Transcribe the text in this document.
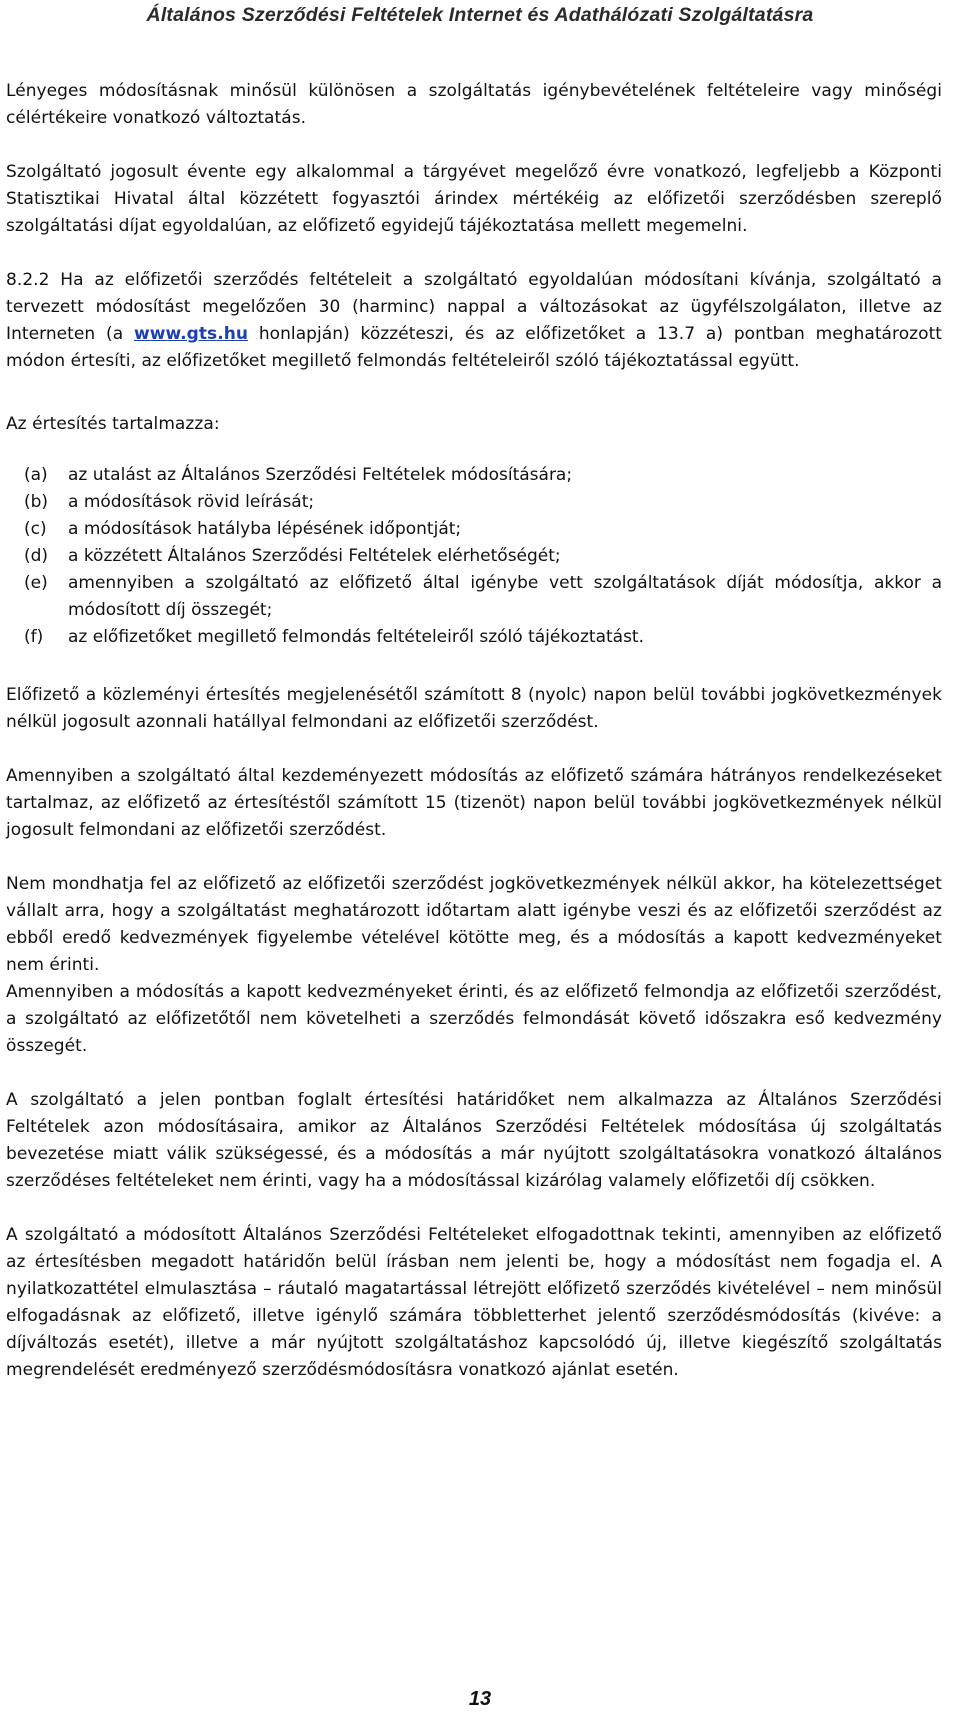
Általános Szerződési Feltételek Internet és Adathálózati Szolgáltatásra

Lényeges módosításnak minősül különösen a szolgáltatás igénybevételének feltételeire vagy minőségi célértékeire vonatkozó változtatás.

Szolgáltató jogosult évente egy alkalommal a tárgyévet megelőző évre vonatkozó, legfeljebb a Központi Statisztikai Hivatal által közzétett fogyasztói árindex mértékéig az előfizetői szerződésben szereplő szolgáltatási díjat egyoldalúan, az előfizető egyidejű tájékoztatása mellett megemelni.

8.2.2 Ha az előfizetői szerződés feltételeit a szolgáltató egyoldalúan módosítani kívánja, szolgáltató a tervezett módosítást megelőzően 30 (harminc) nappal a változásokat az ügyfélszolgálaton, illetve az Interneten (a www.gts.hu honlapján) közzéteszi, és az előfizetőket a 13.7 a) pontban meghatározott módon értesíti, az előfizetőket megillető felmondás feltételeiről szóló tájékoztatással együtt.

Az értesítés tartalmazza:

(a) az utalást az Általános Szerződési Feltételek módosítására;
(b) a módosítások rövid leírását;
(c) a módosítások hatályba lépésének időpontját;
(d) a közzétett Általános Szerződési Feltételek elérhetőségét;
(e) amennyiben a szolgáltató az előfizető által igénybe vett szolgáltatások díját módosítja, akkor a módosított díj összegét;
(f) az előfizetőket megillető felmondás feltételeiről szóló tájékoztatást.

Előfizető a közleményi értesítés megjelenésétől számított 8 (nyolc) napon belül további jogkövetkezmények nélkül jogosult azonnali hatállyal felmondani az előfizetői szerződést.

Amennyiben a szolgáltató által kezdeményezett módosítás az előfizető számára hátrányos rendelkezéseket tartalmaz, az előfizető az értesítéstől számított 15 (tizenöt) napon belül további jogkövetkezmények nélkül jogosult felmondani az előfizetői szerződést.

Nem mondhatja fel az előfizető az előfizetői szerződést jogkövetkezmények nélkül akkor, ha kötelezettséget vállalt arra, hogy a szolgáltatást meghatározott időtartam alatt igénybe veszi és az előfizetői szerződést az ebből eredő kedvezmények figyelembe vételével kötötte meg, és a módosítás a kapott kedvezményeket nem érinti.

Amennyiben a módosítás a kapott kedvezményeket érinti, és az előfizető felmondja az előfizetői szerződést, a szolgáltató az előfizetőtől nem követelheti a szerződés felmondását követő időszakra eső kedvezmény összegét.

A szolgáltató a jelen pontban foglalt értesítési határidőket nem alkalmazza az Általános Szerződési Feltételek azon módosításaira, amikor az Általános Szerződési Feltételek módosítása új szolgáltatás bevezetése miatt válik szükségessé, és a módosítás a már nyújtott szolgáltatásokra vonatkozó általános szerződéses feltételeket nem érinti, vagy ha a módosítással kizárólag valamely előfizetői díj csökken.

A szolgáltató a módosított Általános Szerződési Feltételeket elfogadottnak tekinti, amennyiben az előfizető az értesítésben megadott határidőn belül írásban nem jelenti be, hogy a módosítást nem fogadja el. A nyilatkozattétel elmulasztása – ráutaló magatartással létrejött előfizető szerződés kivételével – nem minősül elfogadásnak az előfizető, illetve igénylő számára többletterhet jelentő szerződésmódosítás (kivéve: a díjváltozás esetét), illetve a már nyújtott szolgáltatáshoz kapcsolódó új, illetve kiegészítő szolgáltatás megrendelését eredményező szerződésmódosításra vonatkozó ajánlat esetén.

13
